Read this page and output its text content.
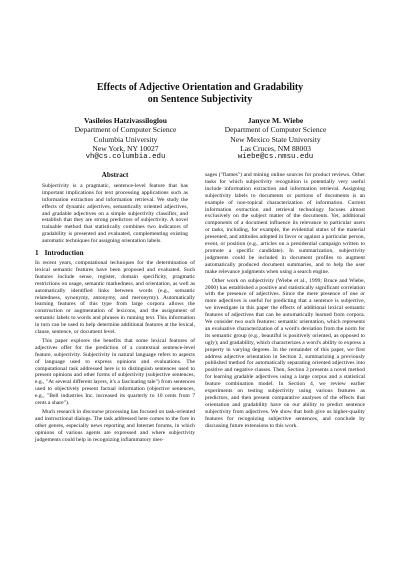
Effects of Adjective Orientation and Gradability
on Sentence Subjectivity
Vasileios Hatzivassiloglou
Department of Computer Science
Columbia University
New York, NY 10027
vh@cs.columbia.edu
Janyce M. Wiebe
Department of Computer Science
New Mexico State University
Las Cruces, NM 88003
wiebe@cs.nmsu.edu
Abstract

Subjectivity is a pragmatic, sentence-level feature that has important implications for text processing applications such as information extraction and information retrieval. We study the effects of dynamic adjectives, semantically oriented adjectives, and gradable adjectives on a simple subjectivity classifier, and establish that they are strong predictors of subjectivity. A novel trainable method that statistically combines two indicators of gradability is presented and evaluated, complementing existing automatic techniques for assigning orientation labels.

1 Introduction

In recent years, computational techniques for the determination of lexical semantic features have been proposed and evaluated. Such features include sense, register, domain specificity, pragmatic restrictions on usage, semantic markedness, and orientation, as well as automatically identified links between words (e.g., semantic relatedness, synonymy, antonymy, and meronymy). Automatically learning features of this type from large corpora allows the construction or augmentation of lexicons, and the assignment of semantic labels to words and phrases in running text. This information in turn can be used to help determine additional features at the lexical, clause, sentence, or document level.

This paper explores the benefits that some lexical features of adjectives offer for the prediction of a contextual sentence-level feature, subjectivity. Subjectivity in natural language refers to aspects of language used to express opinions and evaluations. The computational task addressed here is to distinguish sentences used to present opinions and other forms of subjectivity (subjective sentences, e.g., "At several different layers, it's a fascinating tale") from sentences used to objectively present factual information (objective sentences, e.g., "Bell industries Inc. increased its quarterly to 10 cents from 7 cents a share").

Much research in discourse processing has focused on task-oriented and instructional dialogs. The task addressed here comes to the fore in other genres, especially news reporting and Internet forums, in which opinions of various agents are expressed and where subjectivity judgements could help in recognizing inflammatory mes-

sages ("flames") and mining online sources for product reviews. Other tasks for which subjectivity recognition is potentially very useful include information extraction and information retrieval. Assigning subjectivity labels to documents or portions of documents is an example of non-topical characterization of information. Current information extraction and retrieval technology focuses almost exclusively on the subject matter of the documents. Yet, additional components of a document influence its relevance to particular users or tasks, including, for example, the evidential status of the material presented, and attitudes adopted in favor or against a particular person, event, or position (e.g., articles on a presidential campaign written to promote a specific candidate). In summarization, subjectivity judgments could be included in document profiles to augment automatically produced document summaries, and to help the user make relevance judgments when using a search engine.

Other work on subjectivity (Wiebe et al., 1999; Bruce and Wiebe, 2000) has established a positive and statistically significant correlation with the presence of adjectives. Since the mere presence of one or more adjectives is useful for predicting that a sentence is subjective, we investigate in this paper the effects of additional lexical semantic features of adjectives that can be automatically learned from corpora. We consider two such features: semantic orientation, which represents an evaluative characterization of a word's deviation from the norm for its semantic group (e.g., beautiful is positively oriented, as opposed to ugly); and gradability, which characterizes a word's ability to express a property in varying degrees. In the remainder of this paper, we first address adjective orientation in Section 2, summarizing a previously published method for automatically separating oriented adjectives into positive and negative classes. Then, Section 3 presents a novel method for learning gradable adjectives using a large corpus and a statistical feature combination model. In Section 4, we review earlier experiments on testing subjectivity using various features as predictors, and then present comparative analyses of the effects that orientation and gradability have on our ability to predict sentence subjectivity from adjectives. We show that both give us higher-quality features for recognizing subjective sentences, and conclude by discussing future extensions to this work.
